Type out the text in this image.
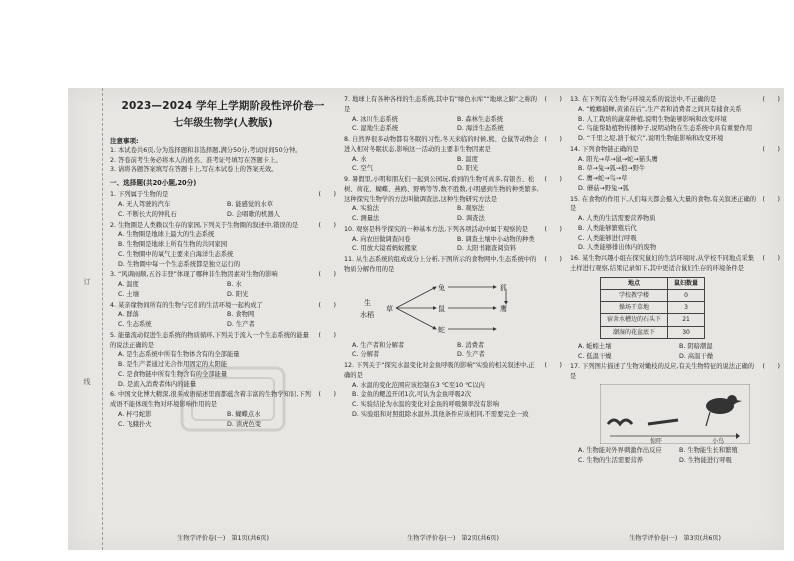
订
线
2023—2024 学年上学期阶段性评价卷一
七年级生物学(人教版)
注意事项:
1. 本试卷共6页,分为选择题和非选择题,满分50分,考试时间50分钟。
2. 答卷前考生务必将本人的姓名、准考证号填写在答题卡上。
3. 请将各题答案填写在答题卡上,写在本试卷上的答案无效。
一、选择题(共20小题,20分)
1. 下列属于生物的是	(　　)
A. 无人驾驶的汽车	B. 能感觉的水草
C. 不断长大的钟乳石	D. 会唱歌的机器人
2. 生物圈是人类赖以生存的家园,下列关于生物圈的叙述中,错误的是	(　　)
A. 生物圈是地球上最大的生态系统
B. 生物圈是地球上所有生物的共同家园
C. 生物圈中的氧气主要来自海洋生态系统
D. 生物圈中每一个生态系统都是独立运行的
3. “风调雨顺,五谷丰登”体现了哪种非生物因素对生物的影响	(　　)
A. 温度	B. 水
C. 土壤	D. 阳光
4. 某亲缘物间所有的生物与它们的生活环境一起构成了	(　　)
A. 群落	B. 食物网
C. 生态系统	D. 生产者
5. 能量流动促进生态系统的物质循环,下列关于流入一个生态系统的能量的说法正确的是
(　　)
A. 是生态系统中所有生物体含有的全部能量
B. 是生产者通过光合作用固定的太阳能
C. 是食物链中所有生物含有的全部能量
D. 是流入消费者体内的能量
6. 中国文化博大精深,很多成语描述里面都蕴含着丰富的生物学知识,下列成语不能体现生物对环境影响作用的是
(　　)
A. 杯弓蛇影	B. 蝴蝶点水
C. 飞蛾扑火	D. 读虎色变
生物学评价卷(一)　第1页(共6页)
7. 地球上有各种各样的生态系统,其中有“绿色水库”“地球之肺”之称的是
(　　)
A. 冰川生态系统	B. 森林生态系统
C. 湿地生态系统	D. 海洋生态系统
8. 自然界很多动物都有冬眠的习性,冬天来临的时候,熊、仓鼠等动物会进入相对冬眠状态,影响这一活动的主要非生物因素是
(　　)
A. 水	B. 温度
C. 空气	D. 阳光
9. 暑假里,小明和朋友们一起到公园玩,看到的生物可真多,有银杏、松树、荷花、蝴蝶、燕鸥、野鸭等等,数不胜数,小明感到生物的种类繁多,这种探究生物学的方法叫做调查法,这种生物研究方法是
(　　)
A. 实验法	B. 观察法
C. 测量法	D. 调查法
10. 观察是科学探究的一种基本方法,下列各项活动中属于观察的是	(　　)
A. 向农田做调查问卷	B. 调查土壤中小动物的种类
C. 用放大镜看蚂蚁搬家	D. 太阳书籍查阅资料
11. 从生态系统的组成成分上分析,下图所示的食物网中,生态系统中的物质分解作用的是
(　　)
生
水稻
草
兔
鼠
蛇
狐
鹰
A. 生产者和分解者	B. 消费者
C. 分解者	D. 生产者
12. 下列关于“探究水温变化对金鱼呼吸的影响”实验的相关叙述中,正确的是
(　　)
A. 水温的变化范围应该控制在3 ℃至10 ℃以内
B. 金鱼的鳃盖开闭1次,可认为金鱼呼吸2次
C. 实验结论为水温的变化对金鱼的呼吸频率没有影响
D. 实验组和对照组除水温外,其他条件应该相同,不需要完全一致
生物学评价卷(一)　第2页(共6页)
13. 在下列有关生物与环境关系的说法中,不正确的是	(　　)
A. “螳螂捕蝉,黄雀在后”,生产者和消费者之间具有捕食关系
B. 人工栽培的蔬菜种植,说明生物能够影响和改变环境
C. 鸟能帮助植物传播种子,说明动物在生态系统中具有重要作用
D. “千里之堤,溃于蚁穴”,说明生物能影响和改变环境
14. 下列食物链正确的是	(　　)
A. 阳光→草→鼠→蛇→猫头鹰
B. 草→兔→狐→狼→野牛
C. 鹰→蛇→鸟→草
D. 蘑菇→野兔→狐
15. 在食物的作用下,人们每天都会摄入大量的食物,有关叙述正确的是
(　　)
A. 人类的生活需要营养物质
B. 人类能够繁殖后代
C. 人类能够进行呼吸
D. 人类能够排出体内的废物
16. 某生物兴趣小组在探究鼠妇的生活环境时,从学校不同地点采集土样进行观察,结果记录如下,其中更适合鼠妇生存的环境条件是
(　　)
地点	鼠妇数量
学校教学楼	0
操场干草地	3
宿舍水槽边的石头下	21
潮湿的花盆底下	30
A. 蚯蚓土壤	B. 阴暗潮湿
C. 低温干燥	D. 高温干燥
17. 下列图片描述了生物对嫩枝的反应,有关生物特征的说法正确的是
(　　)
惊吓	小鸟
A. 生物能对外界刺激作出反应	B. 生物能生长和繁殖
C. 生物的生活需要营养	D. 生物能进行呼吸
生物学评价卷(一)　第3页(共6页)
